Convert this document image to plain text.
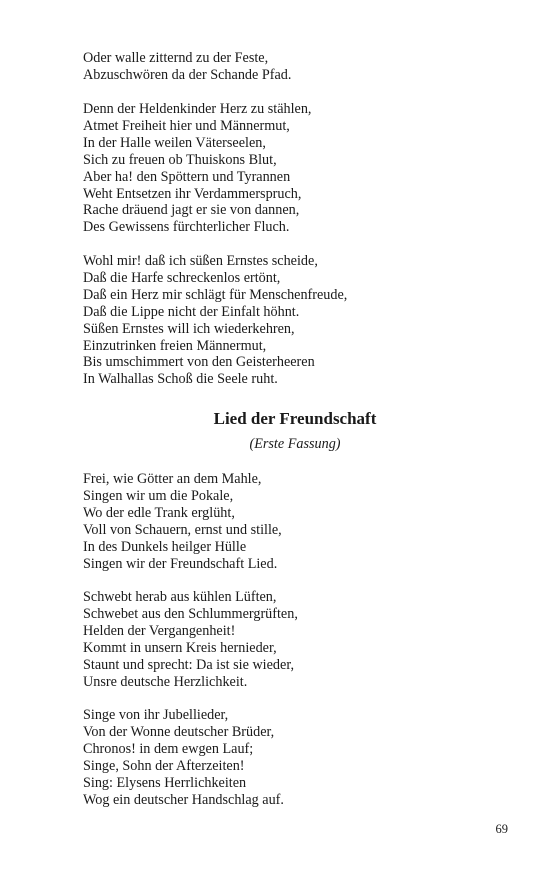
Oder walle zitternd zu der Feste,
Abzuschwören da der Schande Pfad.
Denn der Heldenkinder Herz zu stählen,
Atmet Freiheit hier und Männermut,
In der Halle weilen Väterseelen,
Sich zu freuen ob Thuiskons Blut,
Aber ha! den Spöttern und Tyrannen
Weht Entsetzen ihr Verdammerspruch,
Rache dräuend jagt er sie von dannen,
Des Gewissens fürchterlicher Fluch.
Wohl mir! daß ich süßen Ernstes scheide,
Daß die Harfe schreckenlos ertönt,
Daß ein Herz mir schlägt für Menschenfreude,
Daß die Lippe nicht der Einfalt höhnt.
Süßen Ernstes will ich wiederkehren,
Einzutrinken freien Männermut,
Bis umschimmert von den Geisterheeren
In Walhallas Schoß die Seele ruht.
Lied der Freundschaft
(Erste Fassung)
Frei, wie Götter an dem Mahle,
Singen wir um die Pokale,
Wo der edle Trank erglüht,
Voll von Schauern, ernst und stille,
In des Dunkels heilger Hülle
Singen wir der Freundschaft Lied.
Schwebt herab aus kühlen Lüften,
Schwebet aus den Schlummergrüften,
Helden der Vergangenheit!
Kommt in unsern Kreis hernieder,
Staunt und sprecht: Da ist sie wieder,
Unsre deutsche Herzlichkeit.
Singe von ihr Jubellieder,
Von der Wonne deutscher Brüder,
Chronos! in dem ewgen Lauf;
Singe, Sohn der Afterzeiten!
Sing: Elysens Herrlichkeiten
Wog ein deutscher Handschlag auf.
69
